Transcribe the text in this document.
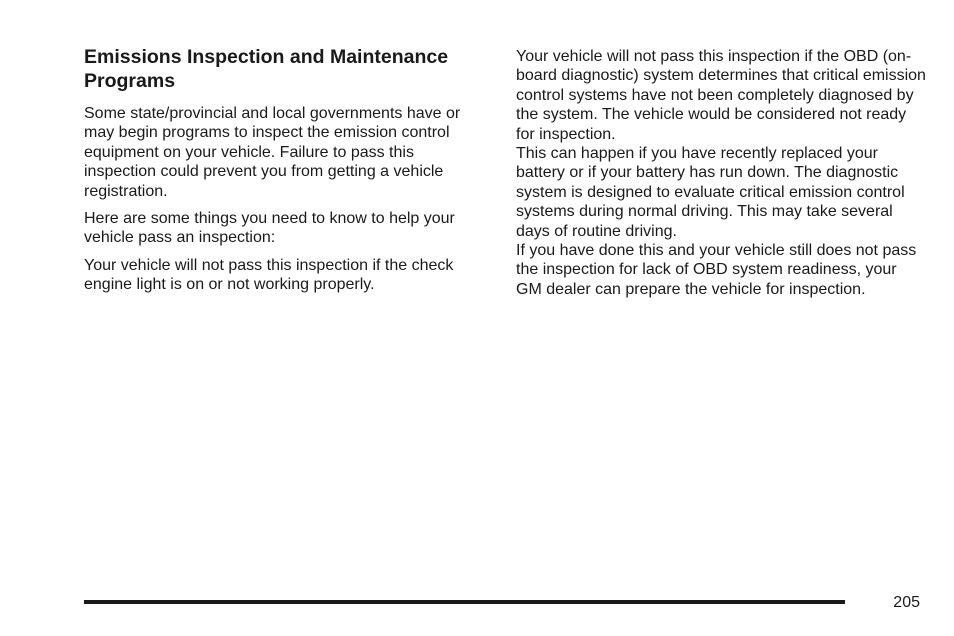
Emissions Inspection and Maintenance Programs

Some state/provincial and local governments have or may begin programs to inspect the emission control equipment on your vehicle. Failure to pass this inspection could prevent you from getting a vehicle registration.

Here are some things you need to know to help your vehicle pass an inspection:

Your vehicle will not pass this inspection if the check engine light is on or not working properly.

Your vehicle will not pass this inspection if the OBD (on-board diagnostic) system determines that critical emission control systems have not been completely diagnosed by the system. The vehicle would be considered not ready for inspection.

This can happen if you have recently replaced your battery or if your battery has run down. The diagnostic system is designed to evaluate critical emission control systems during normal driving. This may take several days of routine driving.

If you have done this and your vehicle still does not pass the inspection for lack of OBD system readiness, your GM dealer can prepare the vehicle for inspection.

205
